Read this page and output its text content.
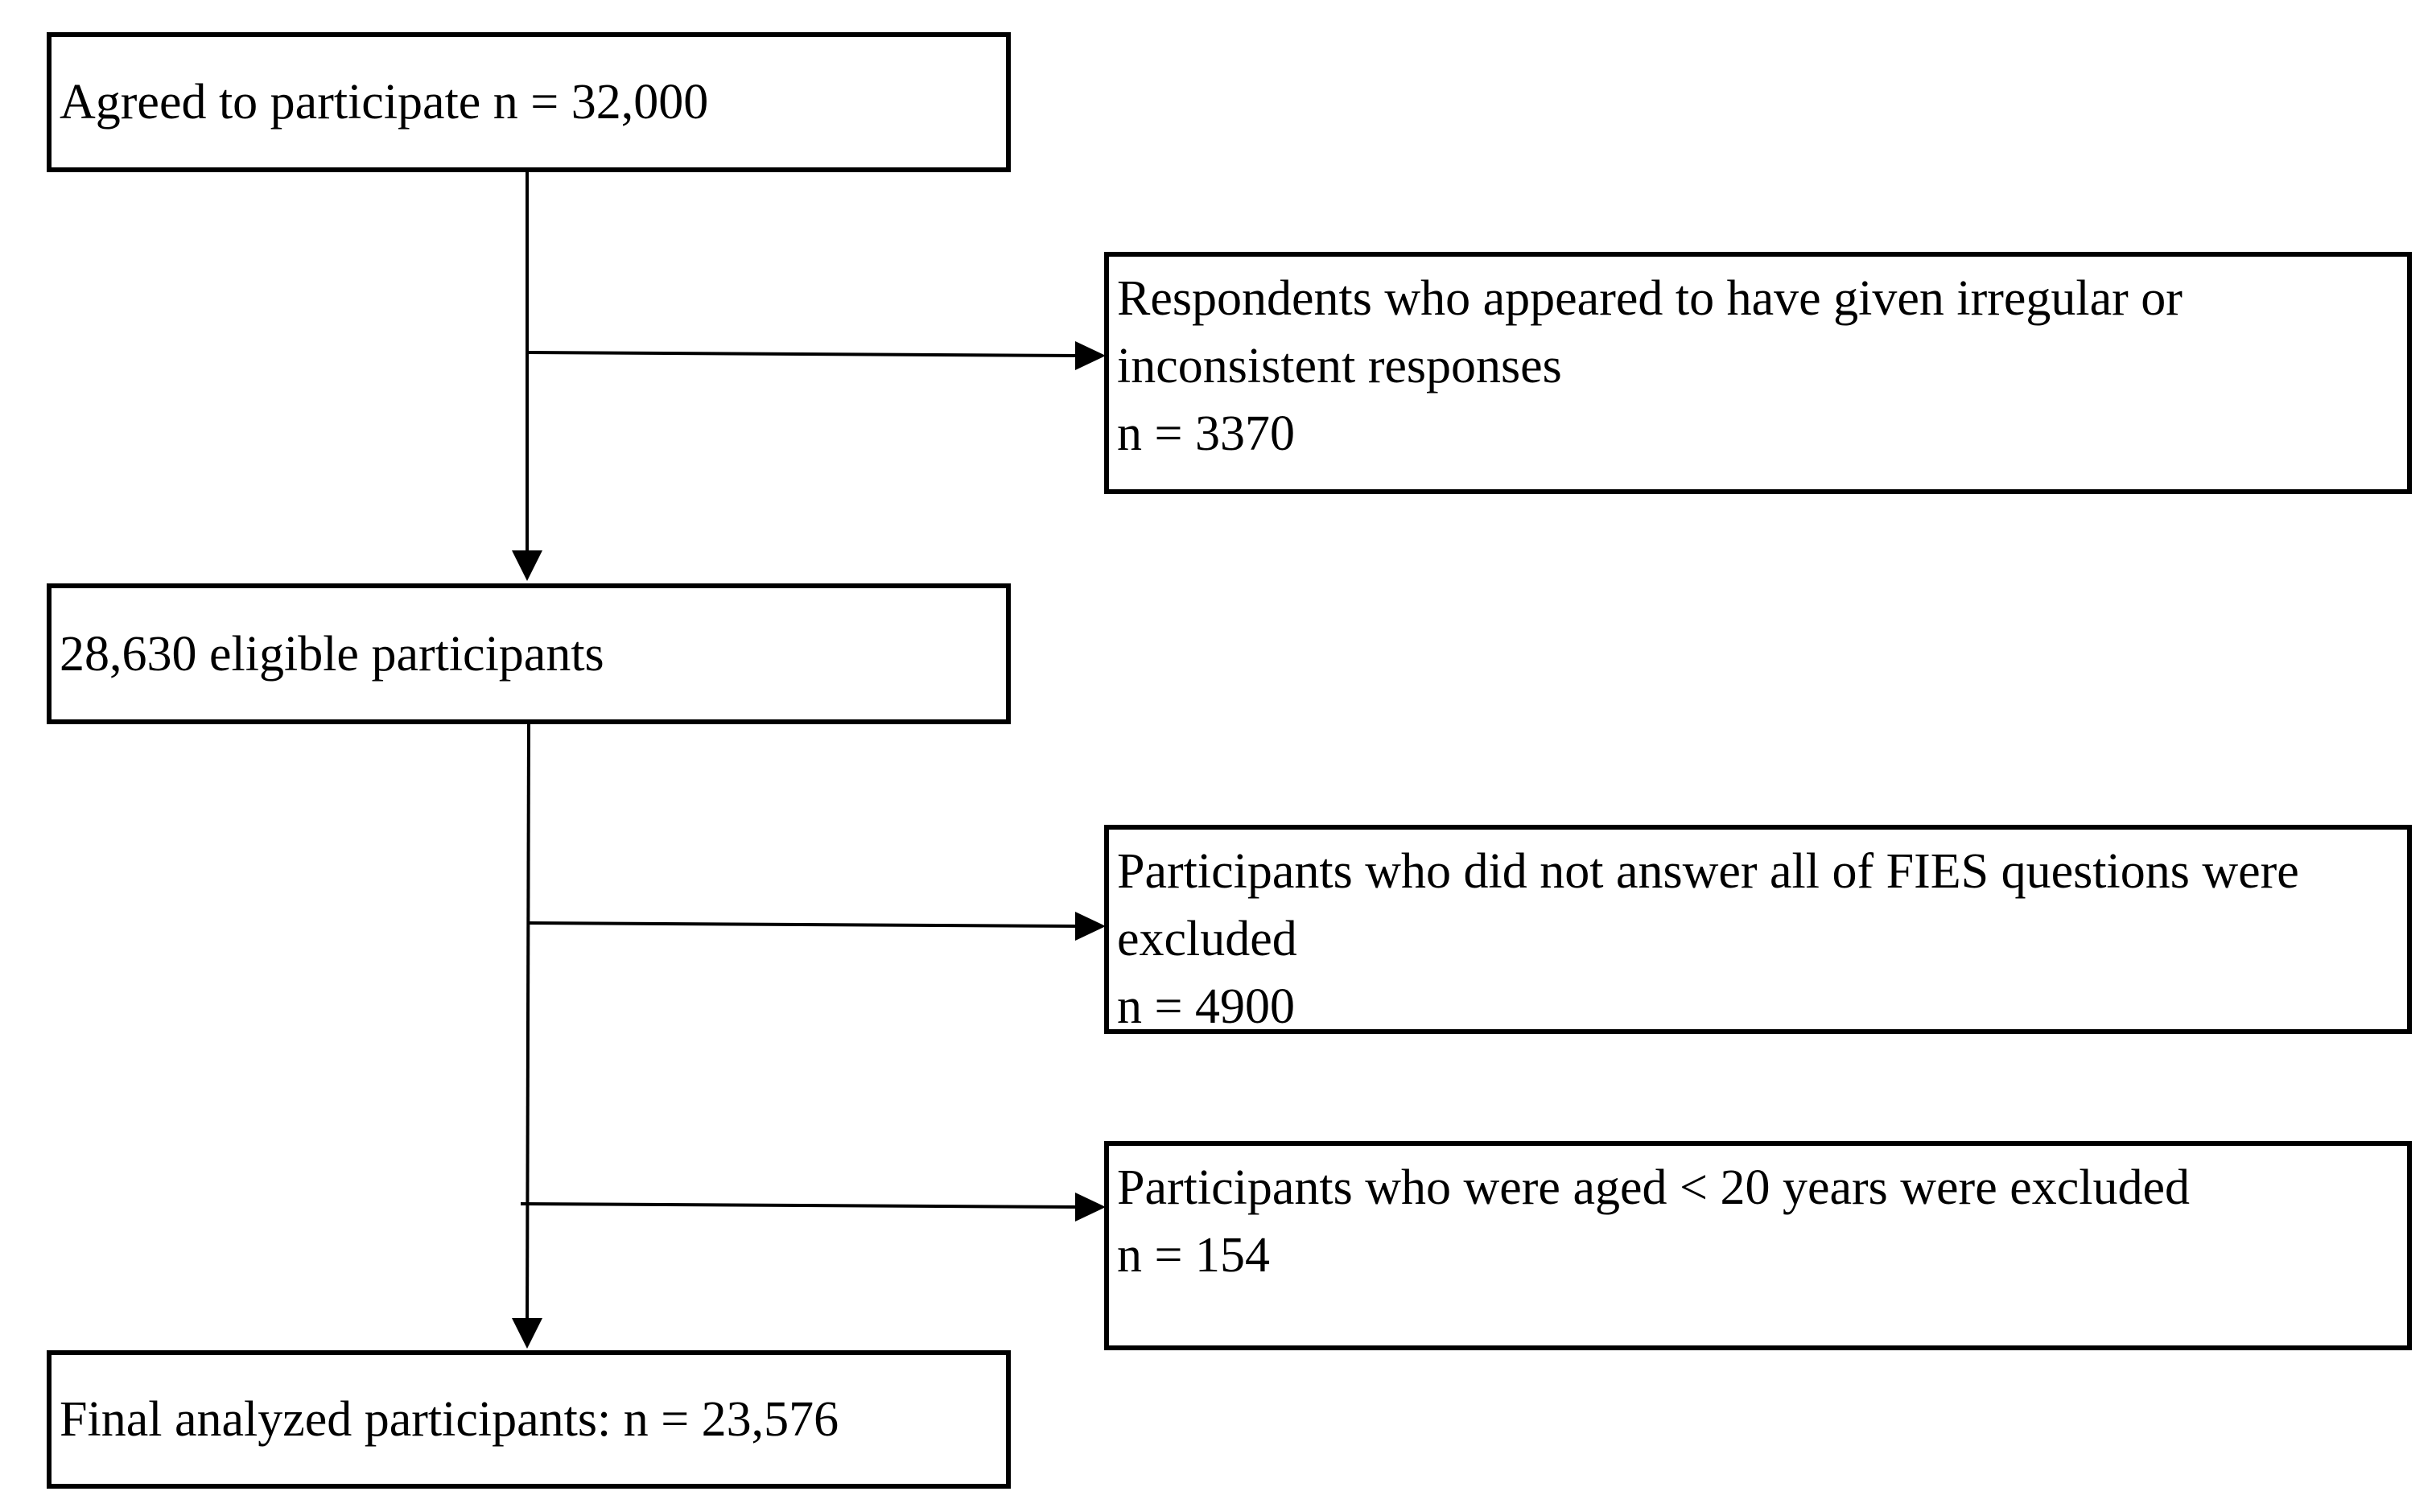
Agreed to participate n = 32,000
28,630 eligible participants
Final analyzed participants: n = 23,576
Respondents who appeared to have given irregular or
inconsistent responses
n = 3370
Participants who did not answer all of FIES questions were
excluded
n = 4900
Participants who were aged < 20 years were excluded
n = 154
